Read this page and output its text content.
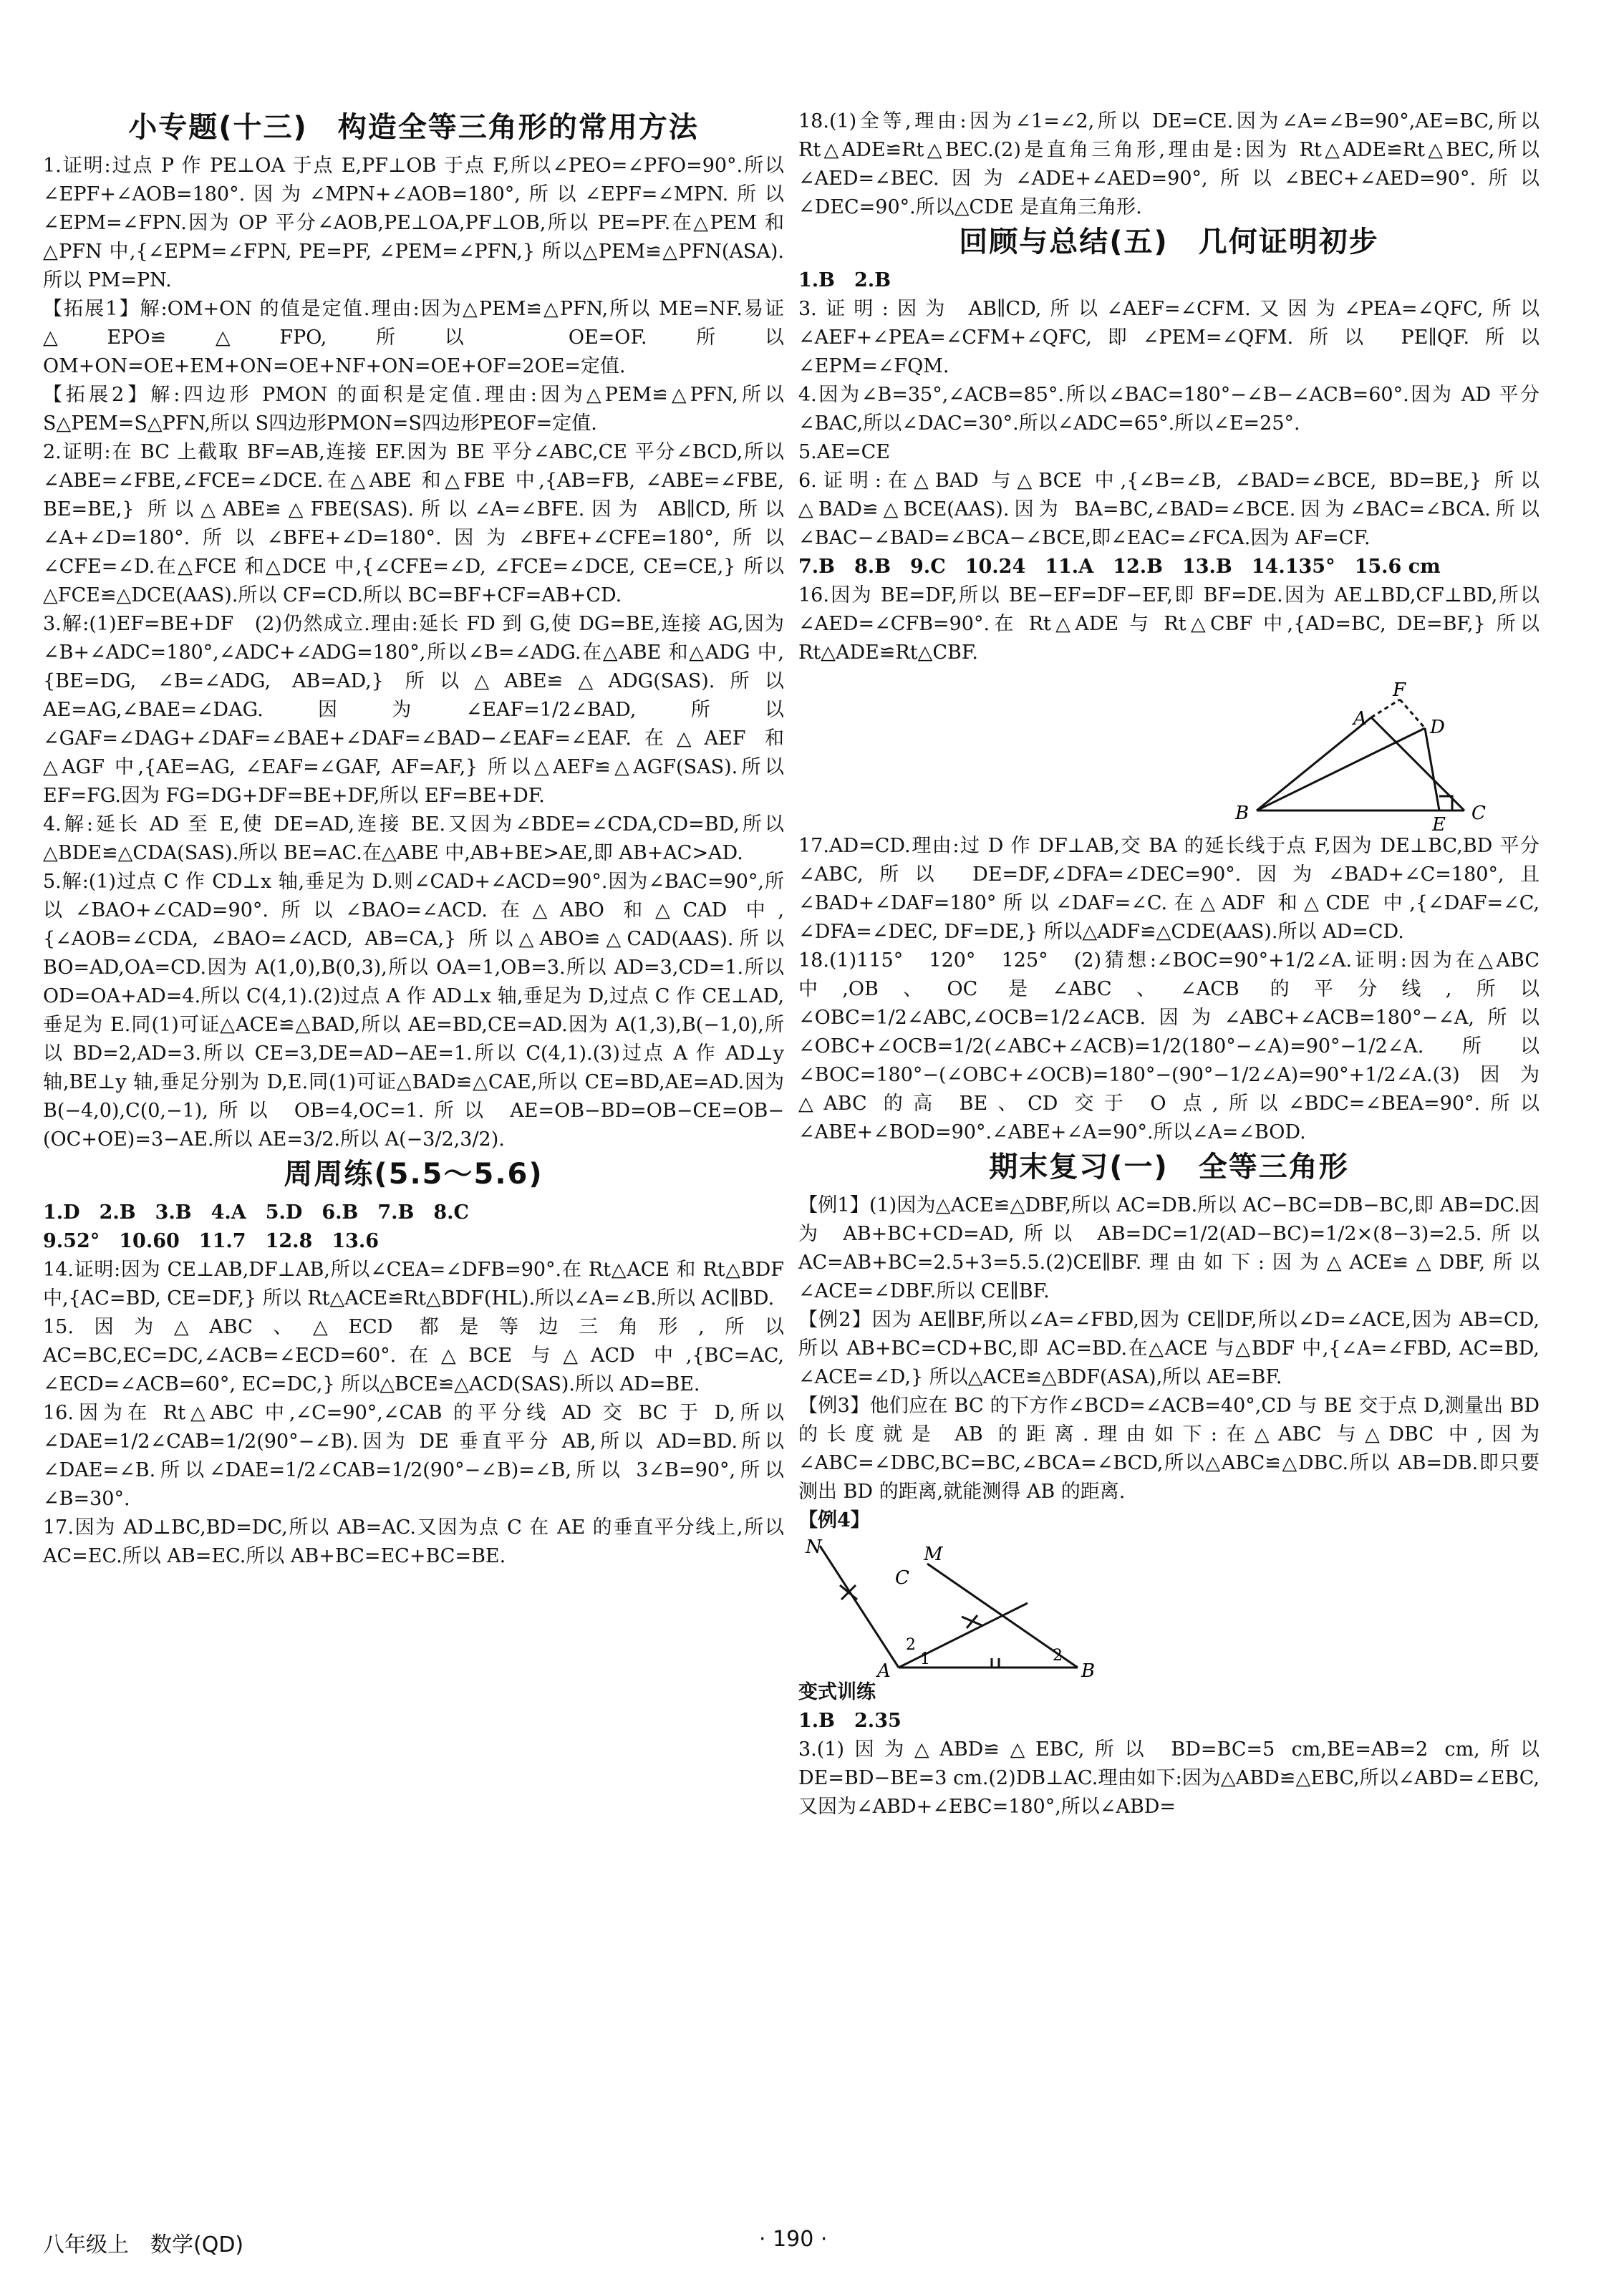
小专题(十三)　构造全等三角形的常用方法

1.证明:过点 P 作 PE⊥OA 于点 E,PF⊥OB 于点 F,所以∠PEO=∠PFO=90°.所以∠EPF+∠AOB=180°.因为∠MPN+∠AOB=180°,所以∠EPF=∠MPN.所以∠EPM=∠FPN.因为 OP 平分∠AOB,PE⊥OA,PF⊥OB,所以 PE=PF.在△PEM 和△PFN 中,{∠EPM=∠FPN, PE=PF, ∠PEM=∠PFN,} 所以△PEM≌△PFN(ASA).所以 PM=PN.

【拓展1】解:OM+ON 的值是定值.理由:因为△PEM≌△PFN,所以 ME=NF.易证△EPO≌△FPO,所以 OE=OF.所以 OM+ON=OE+EM+ON=OE+NF+ON=OE+OF=2OE=定值.

【拓展2】解:四边形 PMON 的面积是定值.理由:因为△PEM≌△PFN,所以 S△PEM=S△PFN,所以 S四边形PMON=S四边形PEOF=定值.

2.证明:在 BC 上截取 BF=AB,连接 EF.因为 BE 平分∠ABC,CE 平分∠BCD,所以∠ABE=∠FBE,∠FCE=∠DCE.在△ABE 和△FBE 中,{AB=FB, ∠ABE=∠FBE, BE=BE,} 所以△ABE≌△FBE(SAS).所以∠A=∠BFE.因为 AB∥CD,所以∠A+∠D=180°.所以∠BFE+∠D=180°.因为∠BFE+∠CFE=180°,所以∠CFE=∠D.在△FCE 和△DCE 中,{∠CFE=∠D, ∠FCE=∠DCE, CE=CE,} 所以△FCE≌△DCE(AAS).所以 CF=CD.所以 BC=BF+CF=AB+CD.

3.解:(1)EF=BE+DF　(2)仍然成立.理由:延长 FD 到 G,使 DG=BE,连接 AG,因为∠B+∠ADC=180°,∠ADC+∠ADG=180°,所以∠B=∠ADG.在△ABE 和△ADG 中,{BE=DG, ∠B=∠ADG, AB=AD,} 所以△ABE≌△ADG(SAS).所以 AE=AG,∠BAE=∠DAG.因为∠EAF=1/2∠BAD,所以∠GAF=∠DAG+∠DAF=∠BAE+∠DAF=∠BAD−∠EAF=∠EAF.在△AEF 和△AGF 中,{AE=AG, ∠EAF=∠GAF, AF=AF,} 所以△AEF≌△AGF(SAS).所以 EF=FG.因为 FG=DG+DF=BE+DF,所以 EF=BE+DF.

4.解:延长 AD 至 E,使 DE=AD,连接 BE.又因为∠BDE=∠CDA,CD=BD,所以△BDE≌△CDA(SAS).所以 BE=AC.在△ABE 中,AB+BE>AE,即 AB+AC>AD.

5.解:(1)过点 C 作 CD⊥x 轴,垂足为 D.则∠CAD+∠ACD=90°.因为∠BAC=90°,所以∠BAO+∠CAD=90°.所以∠BAO=∠ACD.在△ABO 和△CAD 中,{∠AOB=∠CDA, ∠BAO=∠ACD, AB=CA,} 所以△ABO≌△CAD(AAS).所以 BO=AD,OA=CD.因为 A(1,0),B(0,3),所以 OA=1,OB=3.所以 AD=3,CD=1.所以 OD=OA+AD=4.所以 C(4,1).(2)过点 A 作 AD⊥x 轴,垂足为 D,过点 C 作 CE⊥AD,垂足为 E.同(1)可证△ACE≌△BAD,所以 AE=BD,CE=AD.因为 A(1,3),B(−1,0),所以 BD=2,AD=3.所以 CE=3,DE=AD−AE=1.所以 C(4,1).(3)过点 A 作 AD⊥y 轴,BE⊥y 轴,垂足分别为 D,E.同(1)可证△BAD≌△CAE,所以 CE=BD,AE=AD.因为 B(−4,0),C(0,−1),所以 OB=4,OC=1.所以 AE=OB−BD=OB−CE=OB−(OC+OE)=3−AE.所以 AE=3/2.所以 A(−3/2,3/2).

周周练(5.5～5.6)

1.D　2.B　3.B　4.A　5.D　6.B　7.B　8.C

9.52°　10.60　11.7　12.8　13.6

14.证明:因为 CE⊥AB,DF⊥AB,所以∠CEA=∠DFB=90°.在 Rt△ACE 和 Rt△BDF 中,{AC=BD, CE=DF,} 所以 Rt△ACE≌Rt△BDF(HL).所以∠A=∠B.所以 AC∥BD.

15.因为△ABC、△ECD 都是等边三角形,所以 AC=BC,EC=DC,∠ACB=∠ECD=60°.在△BCE 与△ACD 中,{BC=AC, ∠ECD=∠ACB=60°, EC=DC,} 所以△BCE≌△ACD(SAS).所以 AD=BE.

16.因为在 Rt△ABC 中,∠C=90°,∠CAB 的平分线 AD 交 BC 于 D,所以∠DAE=1/2∠CAB=1/2(90°−∠B).因为 DE 垂直平分 AB,所以 AD=BD.所以∠DAE=∠B.所以∠DAE=1/2∠CAB=1/2(90°−∠B)=∠B,所以 3∠B=90°,所以∠B=30°.

17.因为 AD⊥BC,BD=DC,所以 AB=AC.又因为点 C 在 AE 的垂直平分线上,所以 AC=EC.所以 AB=EC.所以 AB+BC=EC+BC=BE.

18.(1)全等,理由:因为∠1=∠2,所以 DE=CE.因为∠A=∠B=90°,AE=BC,所以 Rt△ADE≌Rt△BEC.(2)是直角三角形,理由是:因为 Rt△ADE≌Rt△BEC,所以∠AED=∠BEC.因为∠ADE+∠AED=90°,所以∠BEC+∠AED=90°.所以∠DEC=90°.所以△CDE 是直角三角形.

回顾与总结(五)　几何证明初步

1.B　2.B

3.证明:因为 AB∥CD,所以∠AEF=∠CFM.又因为∠PEA=∠QFC,所以∠AEF+∠PEA=∠CFM+∠QFC,即∠PEM=∠QFM.所以 PE∥QF.所以∠EPM=∠FQM.

4.因为∠B=35°,∠ACB=85°.所以∠BAC=180°−∠B−∠ACB=60°.因为 AD 平分∠BAC,所以∠DAC=30°.所以∠ADC=65°.所以∠E=25°.

5.AE=CE

6.证明:在△BAD 与△BCE 中,{∠B=∠B, ∠BAD=∠BCE, BD=BE,} 所以△BAD≌△BCE(AAS).因为 BA=BC,∠BAD=∠BCE.因为∠BAC=∠BCA.所以∠BAC−∠BAD=∠BCA−∠BCE,即∠EAC=∠FCA.因为 AF=CF.

7.B　8.B　9.C　10.24　11.A　12.B　13.B　14.135°　15.6 cm

16.因为 BE=DF,所以 BE−EF=DF−EF,即 BF=DE.因为 AE⊥BD,CF⊥BD,所以∠AED=∠CFB=90°.在 Rt△ADE 与 Rt△CBF 中,{AD=BC, DE=BF,} 所以 Rt△ADE≌Rt△CBF.

F
A	D
B
E
C

17.AD=CD.理由:过 D 作 DF⊥AB,交 BA 的延长线于点 F,因为 DE⊥BC,BD 平分∠ABC,所以 DE=DF,∠DFA=∠DEC=90°.因为∠BAD+∠C=180°,且∠BAD+∠DAF=180°所以∠DAF=∠C.在△ADF 和△CDE 中,{∠DAF=∠C, ∠DFA=∠DEC, DF=DE,} 所以△ADF≌△CDE(AAS).所以 AD=CD.

18.(1)115°　120°　125°　(2)猜想:∠BOC=90°+1/2∠A.证明:因为在△ABC 中,OB、OC 是∠ABC、∠ACB 的平分线,所以∠OBC=1/2∠ABC,∠OCB=1/2∠ACB.因为∠ABC+∠ACB=180°−∠A,所以∠OBC+∠OCB=1/2(∠ABC+∠ACB)=1/2(180°−∠A)=90°−1/2∠A.所以∠BOC=180°−(∠OBC+∠OCB)=180°−(90°−1/2∠A)=90°+1/2∠A.(3)因为△ABC 的高 BE、CD 交于 O 点,所以∠BDC=∠BEA=90°.所以∠ABE+∠BOD=90°.∠ABE+∠A=90°.所以∠A=∠BOD.

期末复习(一)　全等三角形

【例1】(1)因为△ACE≌△DBF,所以 AC=DB.所以 AC−BC=DB−BC,即 AB=DC.因为 AB+BC+CD=AD,所以 AB=DC=1/2(AD−BC)=1/2×(8−3)=2.5.所以 AC=AB+BC=2.5+3=5.5.(2)CE∥BF.理由如下:因为△ACE≌△DBF,所以∠ACE=∠DBF.所以 CE∥BF.

【例2】因为 AE∥BF,所以∠A=∠FBD,因为 CE∥DF,所以∠D=∠ACE,因为 AB=CD,所以 AB+BC=CD+BC,即 AC=BD.在△ACE 与△BDF 中,{∠A=∠FBD, AC=BD, ∠ACE=∠D,} 所以△ACE≌△BDF(ASA),所以 AE=BF.

【例3】他们应在 BC 的下方作∠BCD=∠ACB=40°,CD 与 BE 交于点 D,测量出 BD 的长度就是 AB 的距离.理由如下:在△ABC 与△DBC 中,因为∠ABC=∠DBC,BC=BC,∠BCA=∠BCD,所以△ABC≌△DBC.所以 AB=DB.即只要测出 BD 的距离,就能测得 AB 的距离.

【例4】

N	M
C
A	B
1
2
2

变式训练

1.B　2.35

3.(1)因为△ABD≌△EBC,所以 BD=BC=5 cm,BE=AB=2 cm,所以 DE=BD−BE=3 cm.(2)DB⊥AC.理由如下:因为△ABD≌△EBC,所以∠ABD=∠EBC,又因为∠ABD+∠EBC=180°,所以∠ABD=

八年级上　数学(QD)	· 190 ·
